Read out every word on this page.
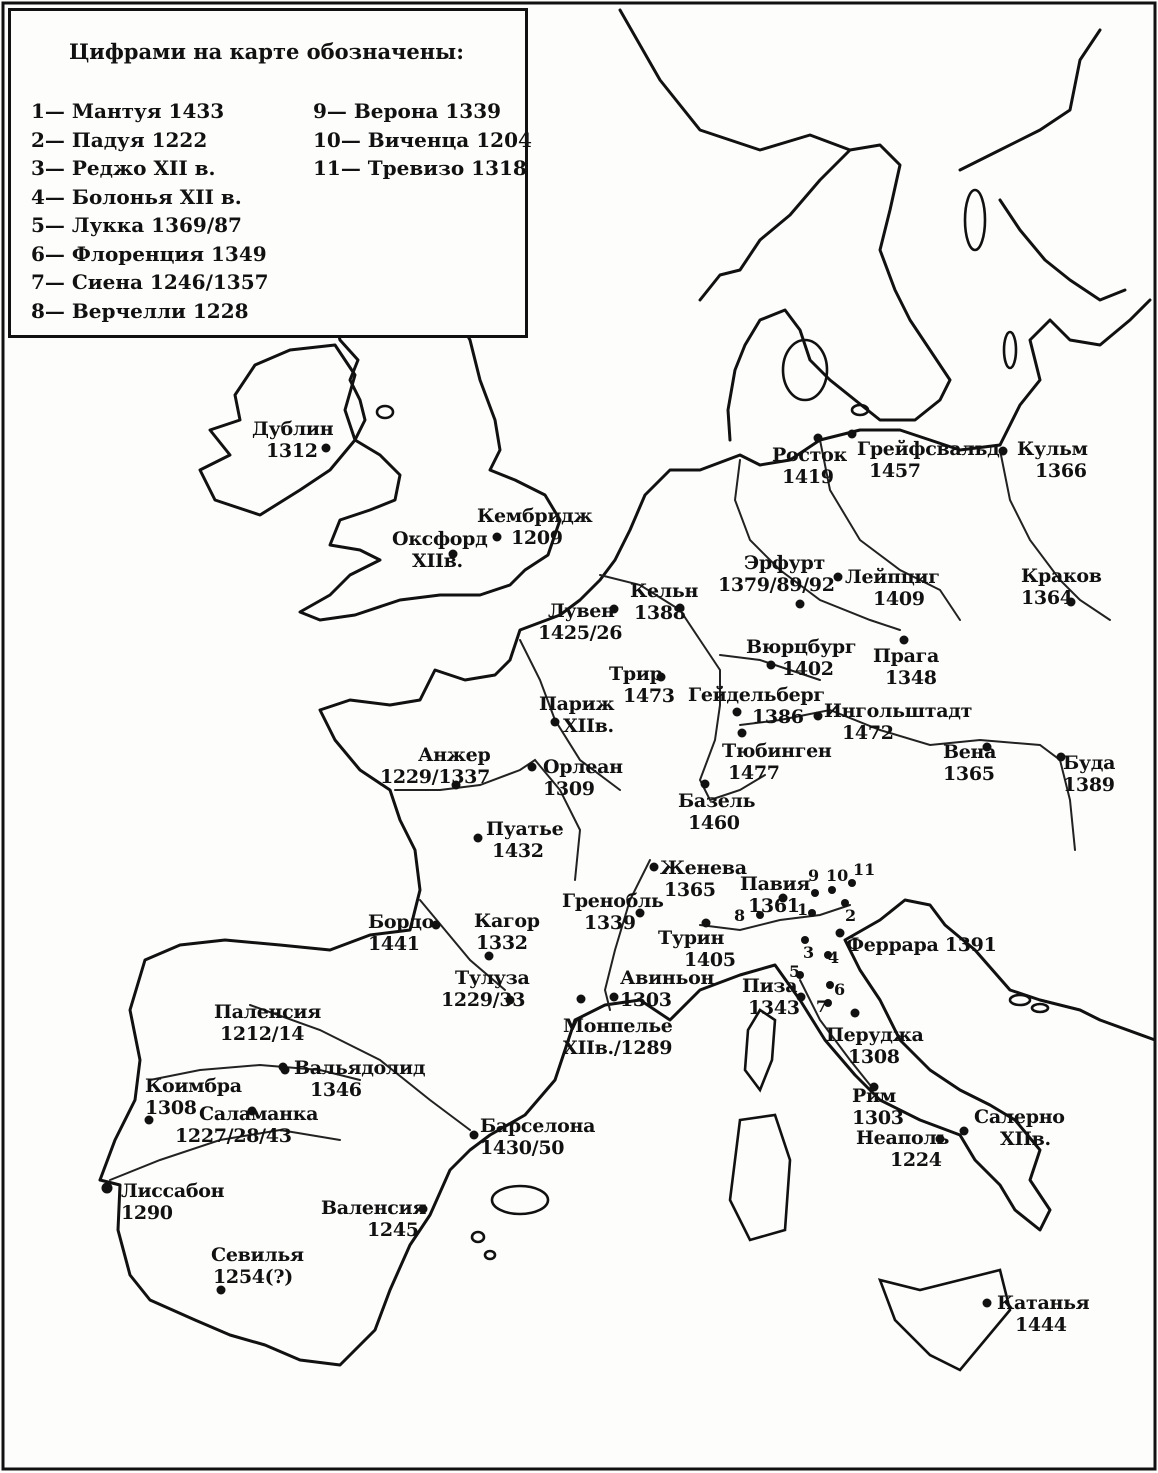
Цифрами на карте обозначены:
1— Мантуя 1433
2— Падуя 1222
3— Реджо XII в.
4— Болонья XII в.
5— Лукка 1369/87
6— Флоренция 1349
7— Сиена 1246/1357
8— Верчелли 1228
9— Верона 1339
10— Виченца 1204
11— Тревизо 1318
Дублин
1312
Кембридж
1209
Оксфорд
XIIв.
Росток
1419
Грейфсвальд
1457
Кульм
1366
Эрфурт
1379/89/92 Лейпциг
1409
Краков
1364
Кельн
1388
Лувен
1425/26
Вюрцбург
1402
Прага
1348
Трир
1473 Гейдельберг
1386
Париж
XIIв.
Ингольштадт
1472
Тюбинген
1477
Вена
1365	Буда
1389
Анжер
1229/1337	Орлеан
1309
Базель
1460
Пуатье
1432
Женева
1365	Павия
1361
Гренобль
1339
Бордо
1441
Кагор
1332	Турин
1405
Феррара 1391
Авиньон
1303
Тулуза
1229/33
Пиза
1343
Монпелье
XIIв./1289
Паленсия
1212/14
Вальядолид
1346
Перуджа
1308
Коимбра
1308 Саламанка
1227/28/43
Рим
1303
Барселона
1430/50
Салерно
XIIв.
Неаполь
1224
Лиссабон
1290	Валенсия
1245
Севилья
1254(?)
Катанья
1444
9 10 11
8	1 2
3 4
5
6
7
